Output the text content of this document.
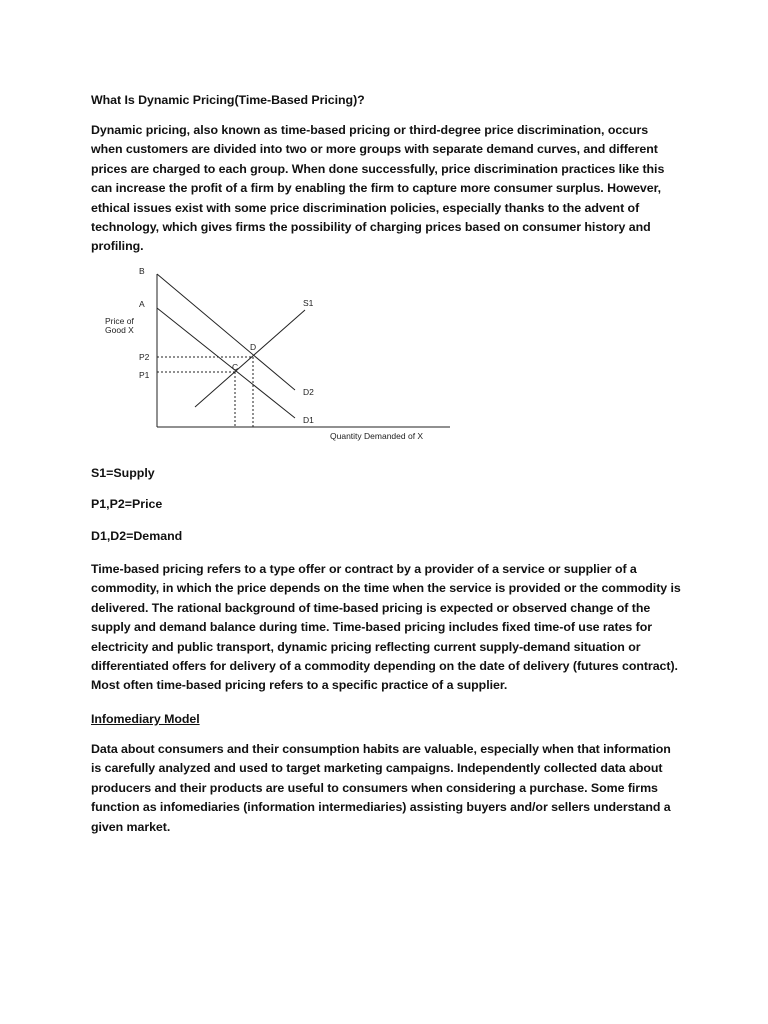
What Is Dynamic Pricing(Time-Based Pricing)?
Dynamic pricing, also known as time-based pricing or third-degree price discrimination, occurs when customers are divided into two or more groups with separate demand curves, and different prices are charged to each group. When done successfully, price discrimination practices like this can increase the profit of a firm by enabling the firm to capture more consumer surplus. However, ethical issues exist with some price discrimination policies, especially thanks to the advent of technology, which gives firms the possibility of charging prices based on consumer history and profiling.
B
A
Price of
Good X
P2
P1
S1
D2
D1
D
C
Quantity Demanded of X
S1=Supply
P1,P2=Price
D1,D2=Demand
Time-based pricing refers to a type offer or contract by a provider of a service or supplier of a commodity, in which the price depends on the time when the service is provided or the commodity is delivered. The rational background of time-based pricing is expected or observed change of the supply and demand balance during time. Time-based pricing includes fixed time-of use rates for electricity and public transport, dynamic pricing reflecting current supply-demand situation or differentiated offers for delivery of a commodity depending on the date of delivery (futures contract). Most often time-based pricing refers to a specific practice of a supplier.
Infomediary Model
Data about consumers and their consumption habits are valuable, especially when that information is carefully analyzed and used to target marketing campaigns. Independently collected data about producers and their products are useful to consumers when considering a purchase. Some firms function as infomediaries (information intermediaries) assisting buyers and/or sellers understand a given market.
